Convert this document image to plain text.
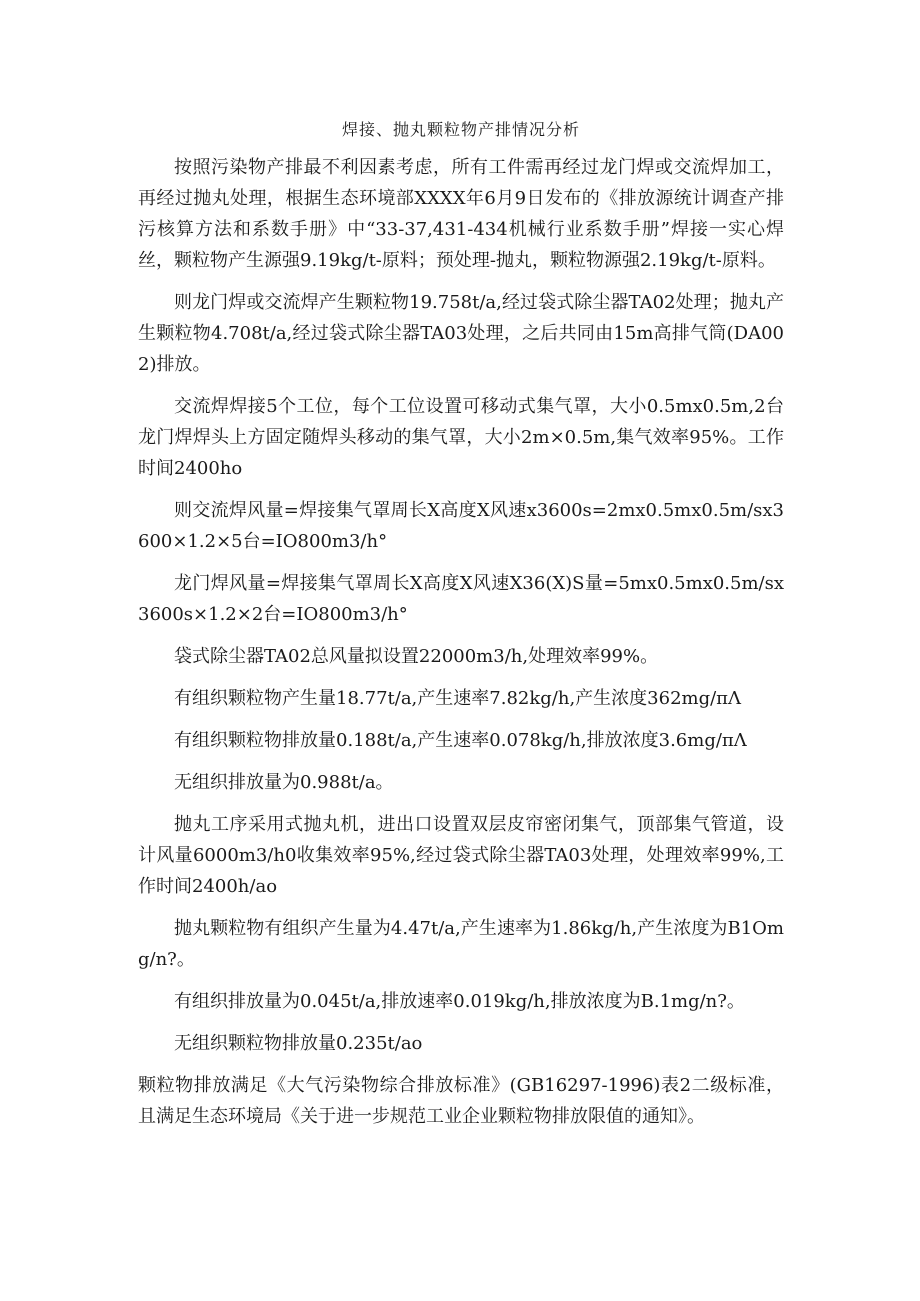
焊接、抛丸颗粒物产排情况分析

按照污染物产排最不利因素考虑，所有工件需再经过龙门焊或交流焊加工，再经过抛丸处理，根据生态环境部XXXX年6月9日发布的《排放源统计调查产排污核算方法和系数手册》中“33-37,431-434机械行业系数手册”焊接一实心焊丝，颗粒物产生源强9.19kg/t-原料；预处理-抛丸，颗粒物源强2.19kg/t-原料。

则龙门焊或交流焊产生颗粒物19.758t/a,经过袋式除尘器TA02处理；抛丸产生颗粒物4.708t/a,经过袋式除尘器TA03处理，之后共同由15m高排气筒(DA002)排放。

交流焊焊接5个工位，每个工位设置可移动式集气罩，大小0.5mx0.5m,2台龙门焊焊头上方固定随焊头移动的集气罩，大小2m×0.5m,集气效率95%。工作时间2400ho

则交流焊风量=焊接集气罩周长X高度X风速x3600s=2mx0.5mx0.5m/sx3600×1.2×5台=IO800m3/h°

龙门焊风量=焊接集气罩周长X高度X风速X36(X)S量=5mx0.5mx0.5m/sx3600s×1.2×2台=IO800m3/h°

袋式除尘器TA02总风量拟设置22000m3/h,处理效率99%。

有组织颗粒物产生量18.77t/a,产生速率7.82kg/h,产生浓度362mg/πΛ

有组织颗粒物排放量0.188t/a,产生速率0.078kg/h,排放浓度3.6mg/πΛ

无组织排放量为0.988t/a。

抛丸工序采用式抛丸机，进出口设置双层皮帘密闭集气，顶部集气管道，设计风量6000m3/h0收集效率95%,经过袋式除尘器TA03处理，处理效率99%,工作时间2400h/ao

抛丸颗粒物有组织产生量为4.47t/a,产生速率为1.86kg/h,产生浓度为B1Omg/n?。

有组织排放量为0.045t/a,排放速率0.019kg/h,排放浓度为B.1mg/n?。

无组织颗粒物排放量0.235t/ao

颗粒物排放满足《大气污染物综合排放标准》(GB16297-1996)表2二级标准，且满足生态环境局《关于进一步规范工业企业颗粒物排放限值的通知》。
